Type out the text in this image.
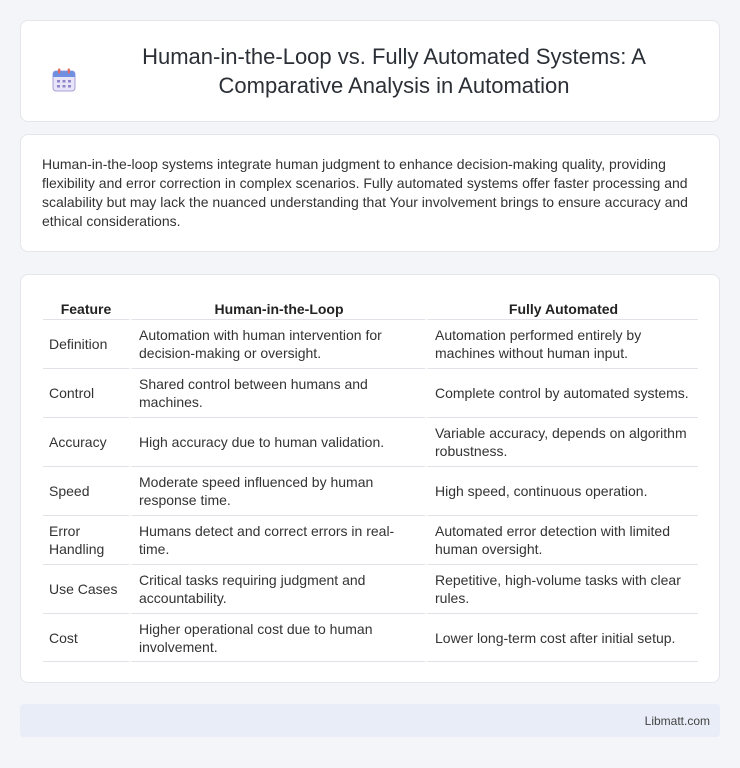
Human-in-the-Loop vs. Fully Automated Systems: A Comparative Analysis in Automation

Human-in-the-loop systems integrate human judgment to enhance decision-making quality, providing flexibility and error correction in complex scenarios. Fully automated systems offer faster processing and scalability but may lack the nuanced understanding that Your involvement brings to ensure accuracy and ethical considerations.

Feature	Human-in-the-Loop	Fully Automated
Definition	Automation with human intervention for decision-making or oversight.	Automation performed entirely by machines without human input.
Control	Shared control between humans and machines.	Complete control by automated systems.
Accuracy	High accuracy due to human validation.	Variable accuracy, depends on algorithm robustness.
Speed	Moderate speed influenced by human response time.	High speed, continuous operation.
Error Handling	Humans detect and correct errors in real-time.	Automated error detection with limited human oversight.
Use Cases	Critical tasks requiring judgment and accountability.	Repetitive, high-volume tasks with clear rules.
Cost	Higher operational cost due to human involvement.	Lower long-term cost after initial setup.
Libmatt.com
